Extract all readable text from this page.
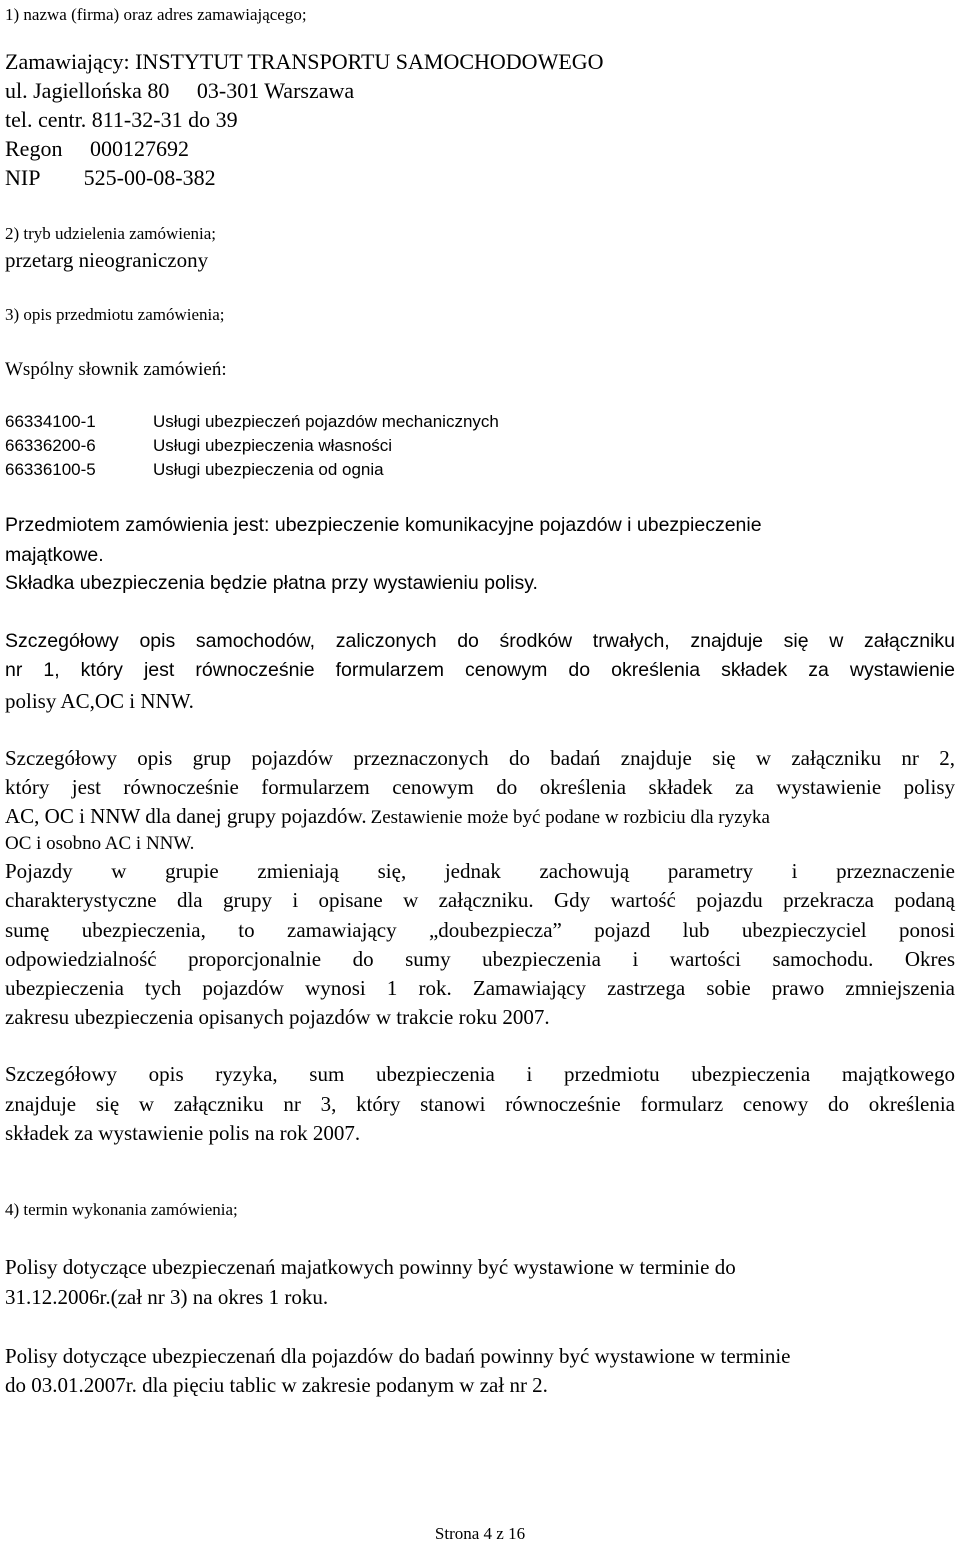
1) nazwa (firma) oraz adres zamawiającego;
Zamawiający: INSTYTUT TRANSPORTU SAMOCHODOWEGO
ul. Jagiellońska 80     03-301 Warszawa
tel. centr. 811-32-31 do 39
Regon     000127692
NIP        525-00-08-382
2) tryb udzielenia zamówienia;
przetarg nieograniczony
3) opis przedmiotu zamówienia;
Wspólny słownik zamówień:
66334100-1	Usługi ubezpieczeń pojazdów mechanicznych
66336200-6	Usługi ubezpieczenia własności
66336100-5	Usługi ubezpieczenia od ognia
Przedmiotem zamówienia jest: ubezpieczenie komunikacyjne pojazdów i ubezpieczenie
majątkowe.
Składka ubezpieczenia będzie płatna przy wystawieniu polisy.
Szczegółowy opis samochodów, zaliczonych do środków trwałych, znajduje się w załączniku
nr 1, który jest równocześnie formularzem cenowym do określenia składek za wystawienie
polisy AC,OC i NNW.
Szczegółowy opis grup pojazdów przeznaczonych do badań znajduje się w załączniku nr 2,
który jest równocześnie formularzem cenowym do określenia składek za wystawienie polisy
AC, OC i NNW dla danej grupy pojazdów. Zestawienie może być podane w rozbiciu dla ryzyka
OC i osobno AC i NNW.
Pojazdy w grupie zmieniają się, jednak zachowują parametry i przeznaczenie
charakterystyczne dla grupy i opisane w załączniku. Gdy wartość pojazdu przekracza podaną
sumę ubezpieczenia, to zamawiający „doubezpiecza” pojazd lub ubezpieczyciel ponosi
odpowiedzialność proporcjonalnie do sumy ubezpieczenia i wartości samochodu. Okres
ubezpieczenia tych pojazdów wynosi 1 rok. Zamawiający zastrzega sobie prawo zmniejszenia
zakresu ubezpieczenia opisanych pojazdów w trakcie roku 2007.
Szczegółowy opis ryzyka, sum ubezpieczenia i przedmiotu ubezpieczenia majątkowego
znajduje się w załączniku nr 3, który stanowi równocześnie formularz cenowy do określenia
składek za wystawienie polis na rok 2007.
4) termin wykonania zamówienia;
Polisy dotyczące ubezpieczenań majatkowych powinny być wystawione w terminie do
31.12.2006r.(zał nr 3) na okres 1 roku.
Polisy dotyczące ubezpieczenań dla pojazdów do badań powinny być wystawione w terminie
do 03.01.2007r. dla pięciu tablic w zakresie podanym w zał nr 2.
Strona 4 z 16
